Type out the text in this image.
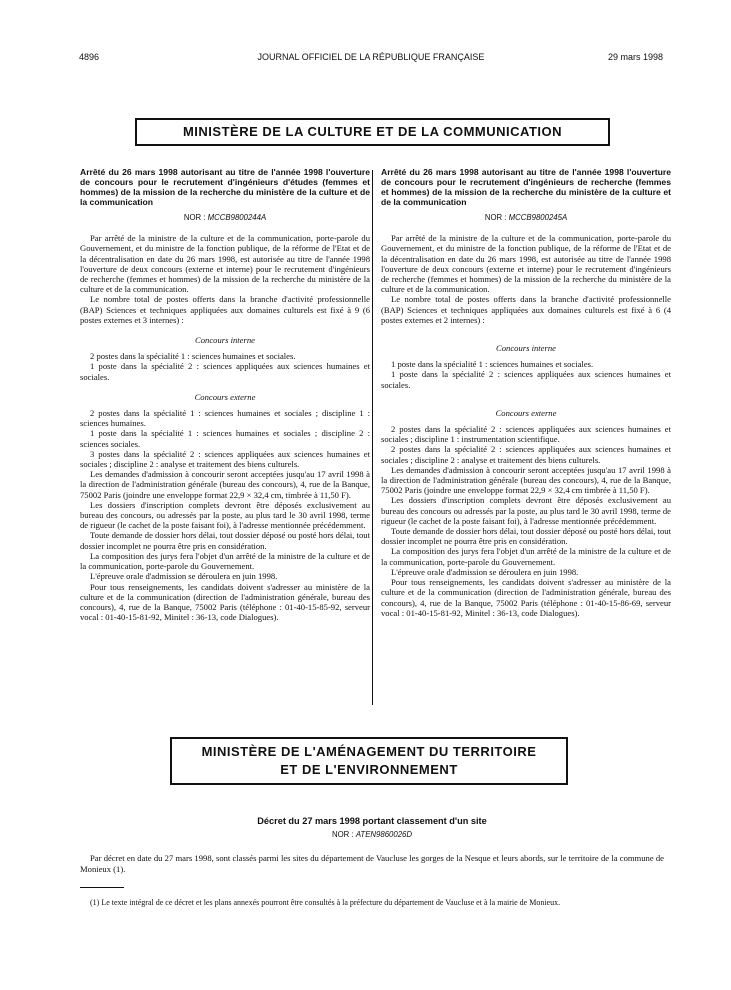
4896	JOURNAL OFFICIEL DE LA RÉPUBLIQUE FRANÇAISE	29 mars 1998
MINISTÈRE DE LA CULTURE ET DE LA COMMUNICATION
Arrêté du 26 mars 1998 autorisant au titre de l'année 1998 l'ouverture de concours pour le recrutement d'ingénieurs d'études (femmes et hommes) de la mission de la recherche du ministère de la culture et de la communication
NOR : MCCB9800244A

Par arrêté de la ministre de la culture et de la communication, porte-parole du Gouvernement, et du ministre de la fonction publique, de la réforme de l'Etat et de la décentralisation en date du 26 mars 1998, est autorisée au titre de l'année 1998 l'ouverture de deux concours (externe et interne) pour le recrutement d'ingénieurs de recherche (femmes et hommes) de la mission de la recherche du ministère de la culture et de la communication.

Le nombre total de postes offerts dans la branche d'activité professionnelle (BAP) Sciences et techniques appliquées aux domaines culturels est fixé à 9 (6 postes externes et 3 internes) :

Concours interne

2 postes dans la spécialité 1 : sciences humaines et sociales.

1 poste dans la spécialité 2 : sciences appliquées aux sciences humaines et sociales.

Concours externe

2 postes dans la spécialité 1 : sciences humaines et sociales ; discipline 1 : sciences humaines.

1 poste dans la spécialité 1 : sciences humaines et sociales ; discipline 2 : sciences sociales.

3 postes dans la spécialité 2 : sciences appliquées aux sciences humaines et sociales ; discipline 2 : analyse et traitement des biens culturels.

Les demandes d'admission à concourir seront acceptées jusqu'au 17 avril 1998 à la direction de l'administration générale (bureau des concours), 4, rue de la Banque, 75002 Paris (joindre une enveloppe format 22,9 × 32,4 cm, timbrée à 11,50 F).

Les dossiers d'inscription complets devront être déposés exclusivement au bureau des concours, ou adressés par la poste, au plus tard le 30 avril 1998, terme de rigueur (le cachet de la poste faisant foi), à l'adresse mentionnée précédemment.

Toute demande de dossier hors délai, tout dossier déposé ou posté hors délai, tout dossier incomplet ne pourra être pris en considération.

La composition des jurys fera l'objet d'un arrêté de la ministre de la culture et de la communication, porte-parole du Gouvernement.

L'épreuve orale d'admission se déroulera en juin 1998.

Pour tous renseignements, les candidats doivent s'adresser au ministère de la culture et de la communication (direction de l'administration générale, bureau des concours), 4, rue de la Banque, 75002 Paris (téléphone : 01-40-15-85-92, serveur vocal : 01-40-15-81-92, Minitel : 36-13, code Dialogues).

Arrêté du 26 mars 1998 autorisant au titre de l'année 1998 l'ouverture de concours pour le recrutement d'ingénieurs de recherche (femmes et hommes) de la mission de la recherche du ministère de la culture et de la communication
NOR : MCCB9800245A

Par arrêté de la ministre de la culture et de la communication, porte-parole du Gouvernement, et du ministre de la fonction publique, de la réforme de l'Etat et de la décentralisation en date du 26 mars 1998, est autorisée au titre de l'année 1998 l'ouverture de deux concours (externe et interne) pour le recrutement d'ingénieurs de recherche (femmes et hommes) de la mission de la recherche du ministère de la culture et de la communication.

Le nombre total de postes offerts dans la branche d'activité professionnelle (BAP) Sciences et techniques appliquées aux domaines culturels est fixé à 6 (4 postes externes et 2 internes) :

Concours interne

1 poste dans la spécialité 1 : sciences humaines et sociales.

1 poste dans la spécialité 2 : sciences appliquées aux sciences humaines et sociales.

Concours externe

2 postes dans la spécialité 2 : sciences appliquées aux sciences humaines et sociales ; discipline 1 : instrumentation scientifique.

2 postes dans la spécialité 2 : sciences appliquées aux sciences humaines et sociales ; discipline 2 : analyse et traitement des biens culturels.

Les demandes d'admission à concourir seront acceptées jusqu'au 17 avril 1998 à la direction de l'administration générale (bureau des concours), 4, rue de la Banque, 75002 Paris (joindre une enveloppe format 22,9 × 32,4 cm timbrée à 11,50 F).

Les dossiers d'inscription complets devront être déposés exclusivement au bureau des concours ou adressés par la poste, au plus tard le 30 avril 1998, terme de rigueur (le cachet de la poste faisant foi), à l'adresse mentionnée précédemment.

Toute demande de dossier hors délai, tout dossier déposé ou posté hors délai, tout dossier incomplet ne pourra être pris en considération.

La composition des jurys fera l'objet d'un arrêté de la ministre de la culture et de la communication, porte-parole du Gouvernement.

L'épreuve orale d'admission se déroulera en juin 1998.

Pour tous renseignements, les candidats doivent s'adresser au ministère de la culture et de la communication (direction de l'administration générale, bureau des concours), 4, rue de la Banque, 75002 Paris (téléphone : 01-40-15-86-69, serveur vocal : 01-40-15-81-92, Minitel : 36-13, code Dialogues).

MINISTÈRE DE L'AMÉNAGEMENT DU TERRITOIRE
ET DE L'ENVIRONNEMENT
Décret du 27 mars 1998 portant classement d'un site
NOR : ATEN9860026D
Par décret en date du 27 mars 1998, sont classés parmi les sites du département de Vaucluse les gorges de la Nesque et leurs abords, sur le territoire de la commune de Monieux (1).
(1) Le texte intégral de ce décret et les plans annexés pourront être consultés à la préfecture du département de Vaucluse et à la mairie de Monieux.
